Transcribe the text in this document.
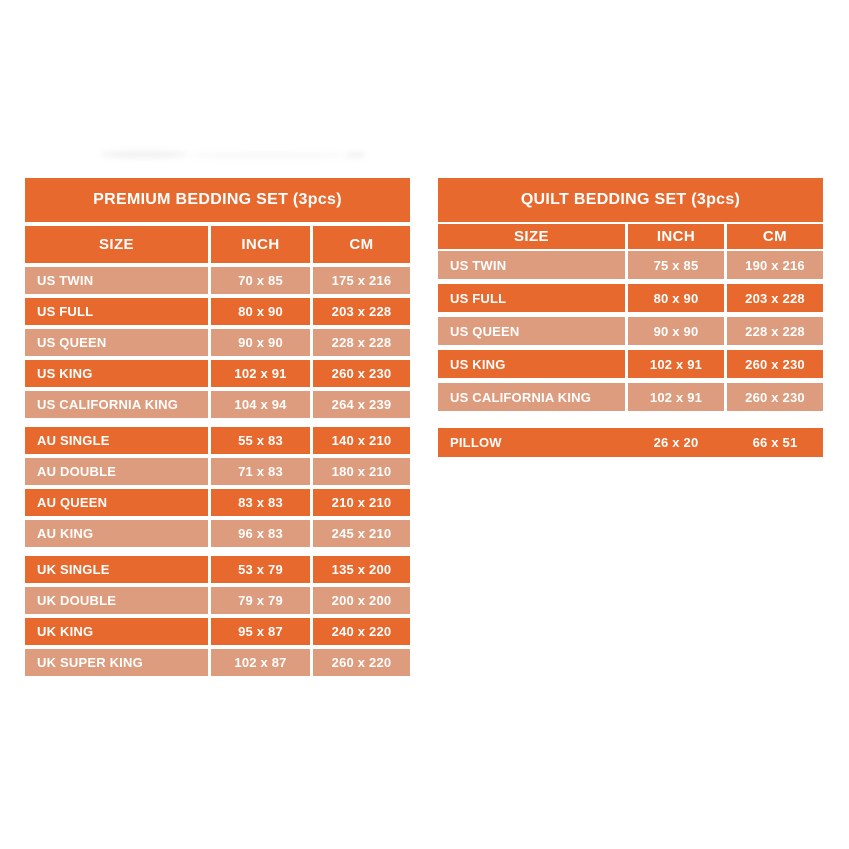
PREMIUM BEDDING SET (3pcs)
SIZE	INCH	CM
US TWIN	70 x 85	175 x 216
US FULL	80 x 90	203 x 228
US QUEEN	90 x 90	228 x 228
US KING	102 x 91	260 x 230
US CALIFORNIA KING	104 x 94	264 x 239
AU SINGLE	55 x 83	140 x 210
AU DOUBLE	71 x 83	180 x 210
AU QUEEN	83 x 83	210 x 210
AU KING	96 x 83	245 x 210
UK SINGLE	53 x 79	135 x 200
UK DOUBLE	79 x 79	200 x 200
UK KING	95 x 87	240 x 220
UK SUPER KING	102 x 87	260 x 220
QUILT BEDDING SET (3pcs)
SIZE	INCH	CM
US TWIN	75 x 85	190 x 216
US FULL	80 x 90	203 x 228
US QUEEN	90 x 90	228 x 228
US KING	102 x 91	260 x 230
US CALIFORNIA KING	102 x 91	260 x 230
PILLOW	26 x 20	66 x 51
